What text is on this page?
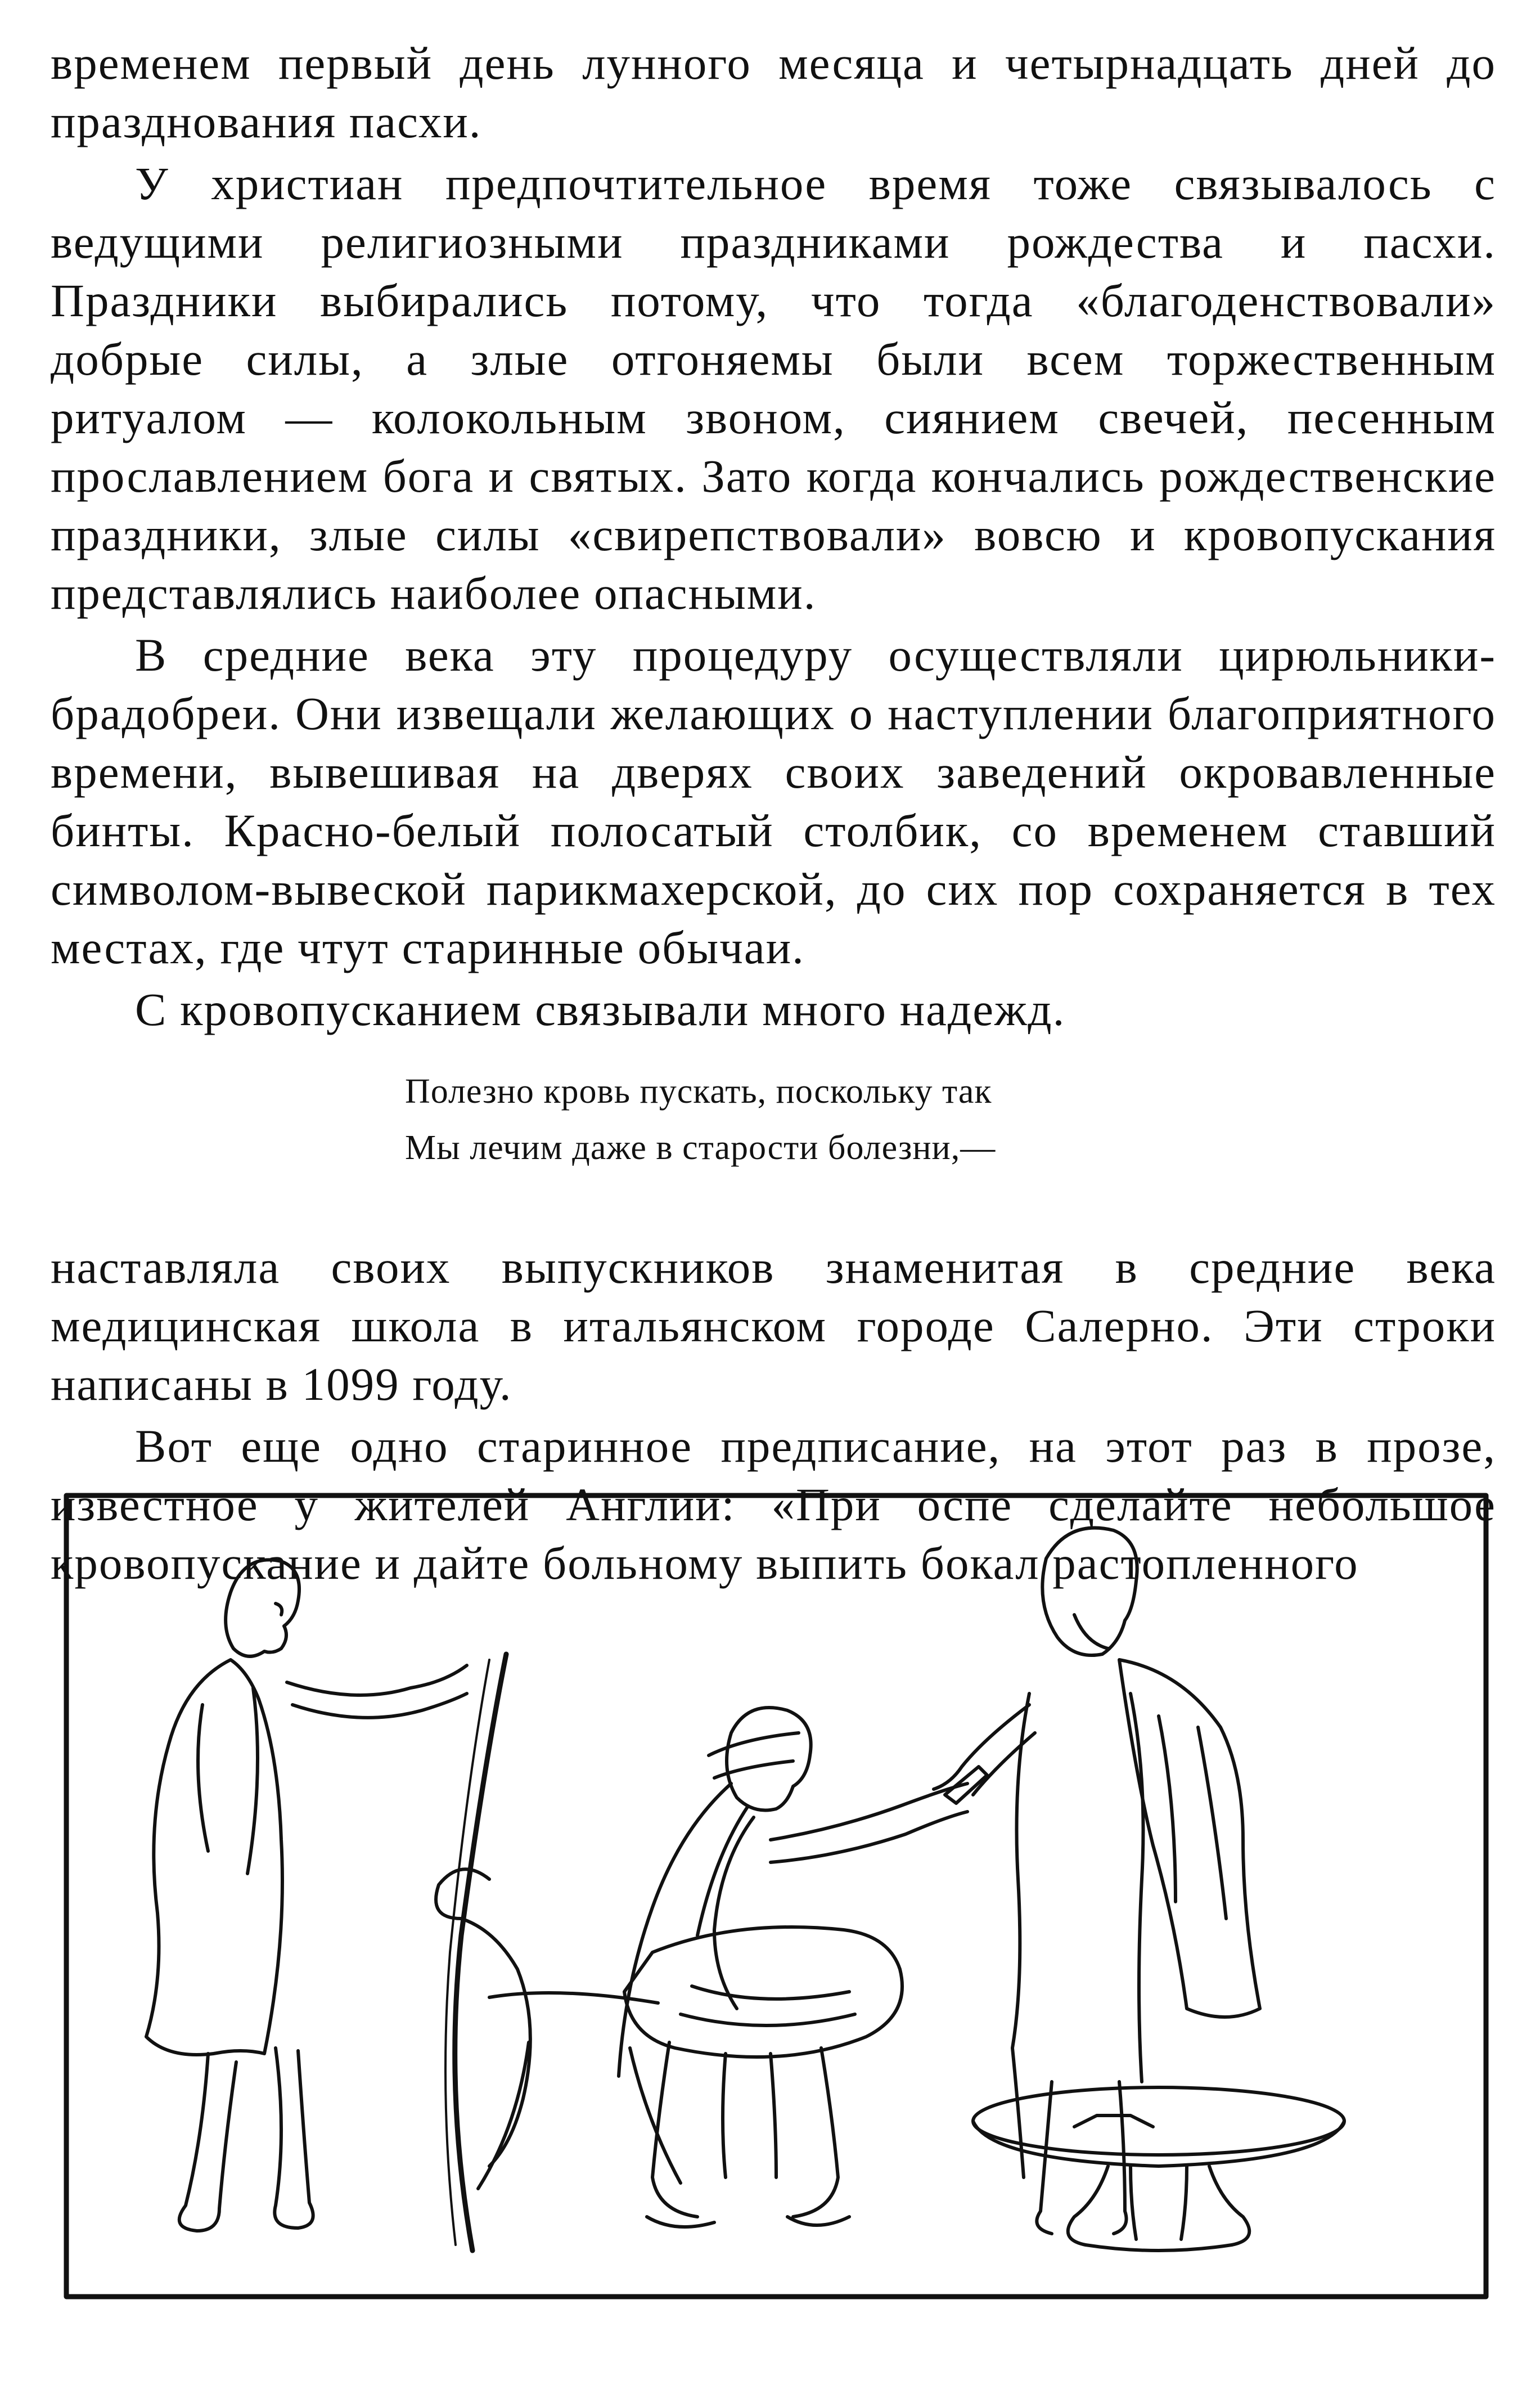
временем первый день лунного месяца и четырнадцать дней до празднования пасхи.

У христиан предпочтительное время тоже связывалось с ведущими религиозными праздниками рождества и пасхи. Праздники выбирались потому, что тогда «благоденствовали» добрые силы, а злые отгоняемы были всем торжественным ритуалом — колокольным звоном, сиянием свечей, песенным прославлением бога и святых. Зато когда кончались рождественские праздники, злые силы «свирепствовали» вовсю и кровопускания представлялись наиболее опасными.

В средние века эту процедуру осуществляли цирюльники-брадобреи. Они извещали желающих о наступлении благоприятного времени, вывешивая на дверях своих заведений окровавленные бинты. Красно-белый полосатый столбик, со временем ставший символом-вывеской парикмахерской, до сих пор сохраняется в тех местах, где чтут старинные обычаи.

С кровопусканием связывали много надежд.

Полезно кровь пускать, поскольку так
Мы лечим даже в старости болезни,—

наставляла своих выпускников знаменитая в средние века медицинская школа в итальянском городе Салерно. Эти строки написаны в 1099 году.

Вот еще одно старинное предписание, на этот раз в прозе, известное у жителей Англии: «При оспе сделайте небольшое кровопускание и дайте больному выпить бокал растопленного
